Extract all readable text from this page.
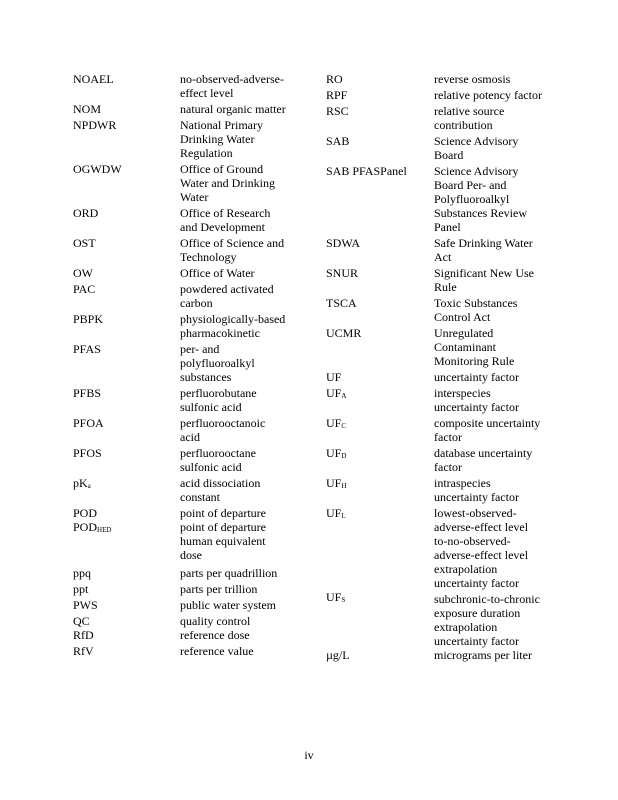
NOAEL	no-observed-adverse-
effect level
NOM	natural organic matter
NPDWR	National Primary
Drinking Water
Regulation
OGWDW	Office of Ground
Water and Drinking
Water
ORD	Office of Research
and Development
OST	Office of Science and
Technology
OW	Office of Water
PAC	powdered activated
carbon
PBPK	physiologically-based
pharmacokinetic
PFAS	per- and
polyfluoroalkyl
substances
PFBS	perfluorobutane
sulfonic acid
PFOA	perfluorooctanoic
acid
PFOS	perfluorooctane
sulfonic acid
pKa	acid dissociation
constant
POD	point of departure
PODHED	point of departure
human equivalent
dose
ppq	parts per quadrillion
ppt	parts per trillion
PWS	public water system
QC	quality control
RfD	reference dose
RfV	reference value
RO	reverse osmosis
RPF	relative potency factor
RSC	relative source
contribution
SAB	Science Advisory
Board
SAB PFASPanel Science Advisory
Board Per- and
Polyfluoroalkyl
Substances Review
Panel
SDWA	Safe Drinking Water
Act
SNUR	Significant New Use
Rule
TSCA	Toxic Substances
Control Act
UCMR	Unregulated
Contaminant
Monitoring Rule
UF	uncertainty factor
UFA	interspecies
uncertainty factor
UFC	composite uncertainty
factor
UFD	database uncertainty
factor
UFH	intraspecies
uncertainty factor
UFL	lowest-observed-
adverse-effect level
to-no-observed-
adverse-effect level
extrapolation
uncertainty factor
UFS	subchronic-to-chronic
exposure duration
extrapolation
uncertainty factor
µg/L	micrograms per liter
iv
